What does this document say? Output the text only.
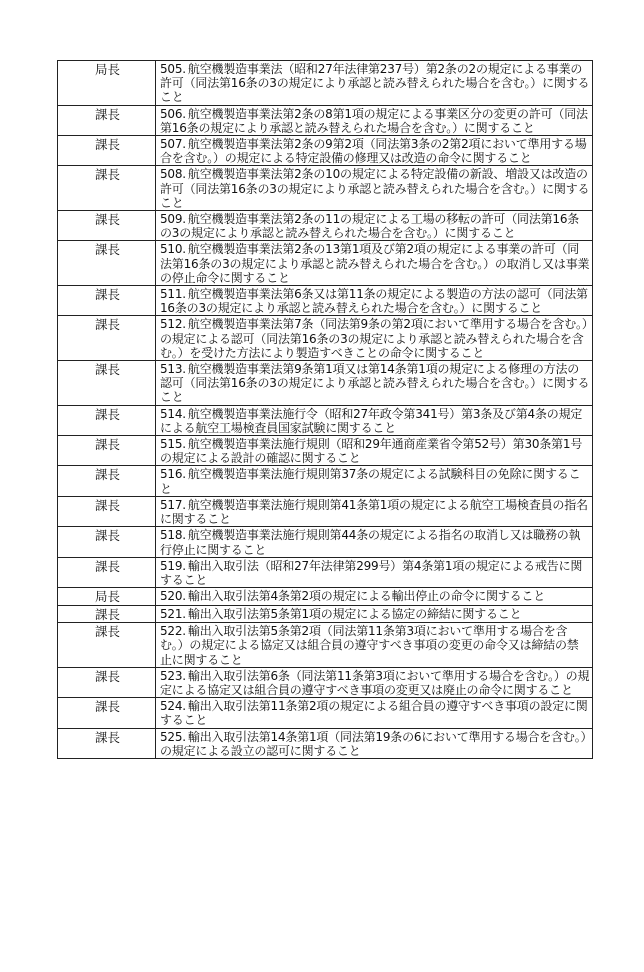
局長	505. 航空機製造事業法（昭和27年法律第237号）第2条の2の規定による事業の許可（同法第16条の3の規定により承認と読み替えられた場合を含む。）に関すること
課長	506. 航空機製造事業法第2条の8第1項の規定による事業区分の変更の許可（同法第16条の規定により承認と読み替えられた場合を含む。）に関すること
課長	507. 航空機製造事業法第2条の9第2項（同法第3条の2第2項において準用する場合を含む。）の規定による特定設備の修理又は改造の命令に関すること
課長	508. 航空機製造事業法第2条の10の規定による特定設備の新設、増設又は改造の許可（同法第16条の3の規定により承認と読み替えられた場合を含む。）に関すること
課長	509. 航空機製造事業法第2条の11の規定による工場の移転の許可（同法第16条の3の規定により承認と読み替えられた場合を含む。）に関すること
課長	510. 航空機製造事業法第2条の13第1項及び第2項の規定による事業の許可（同法第16条の3の規定により承認と読み替えられた場合を含む。）の取消し又は事業の停止命令に関すること
課長	511. 航空機製造事業法第6条又は第11条の規定による製造の方法の認可（同法第16条の3の規定により承認と読み替えられた場合を含む。）に関すること
課長	512. 航空機製造事業法第7条（同法第9条の第2項において準用する場合を含む。）の規定による認可（同法第16条の3の規定により承認と読み替えられた場合を含む。）を受けた方法により製造すべきことの命令に関すること
課長	513. 航空機製造事業法第9条第1項又は第14条第1項の規定による修理の方法の認可（同法第16条の3の規定により承認と読み替えられた場合を含む。）に関すること
課長	514. 航空機製造事業法施行令（昭和27年政令第341号）第3条及び第4条の規定による航空工場検査員国家試験に関すること
課長	515. 航空機製造事業法施行規則（昭和29年通商産業省令第52号）第30条第1号の規定による設計の確認に関すること
課長	516. 航空機製造事業法施行規則第37条の規定による試験科目の免除に関すること
課長	517. 航空機製造事業法施行規則第41条第1項の規定による航空工場検査員の指名に関すること
課長	518. 航空機製造事業法施行規則第44条の規定による指名の取消し又は職務の執行停止に関すること
課長	519. 輸出入取引法（昭和27年法律第299号）第4条第1項の規定による戒告に関すること
局長	520. 輸出入取引法第4条第2項の規定による輸出停止の命令に関すること
課長	521. 輸出入取引法第5条第1項の規定による協定の締結に関すること
課長	522. 輸出入取引法第5条第2項（同法第11条第3項において準用する場合を含む。）の規定による協定又は組合員の遵守すべき事項の変更の命令又は締結の禁止に関すること
課長	523. 輸出入取引法第6条（同法第11条第3項において準用する場合を含む。）の規定による協定又は組合員の遵守すべき事項の変更又は廃止の命令に関すること
課長	524. 輸出入取引法第11条第2項の規定による組合員の遵守すべき事項の設定に関すること
課長	525. 輸出入取引法第14条第1項（同法第19条の6において準用する場合を含む。）の規定による設立の認可に関すること
